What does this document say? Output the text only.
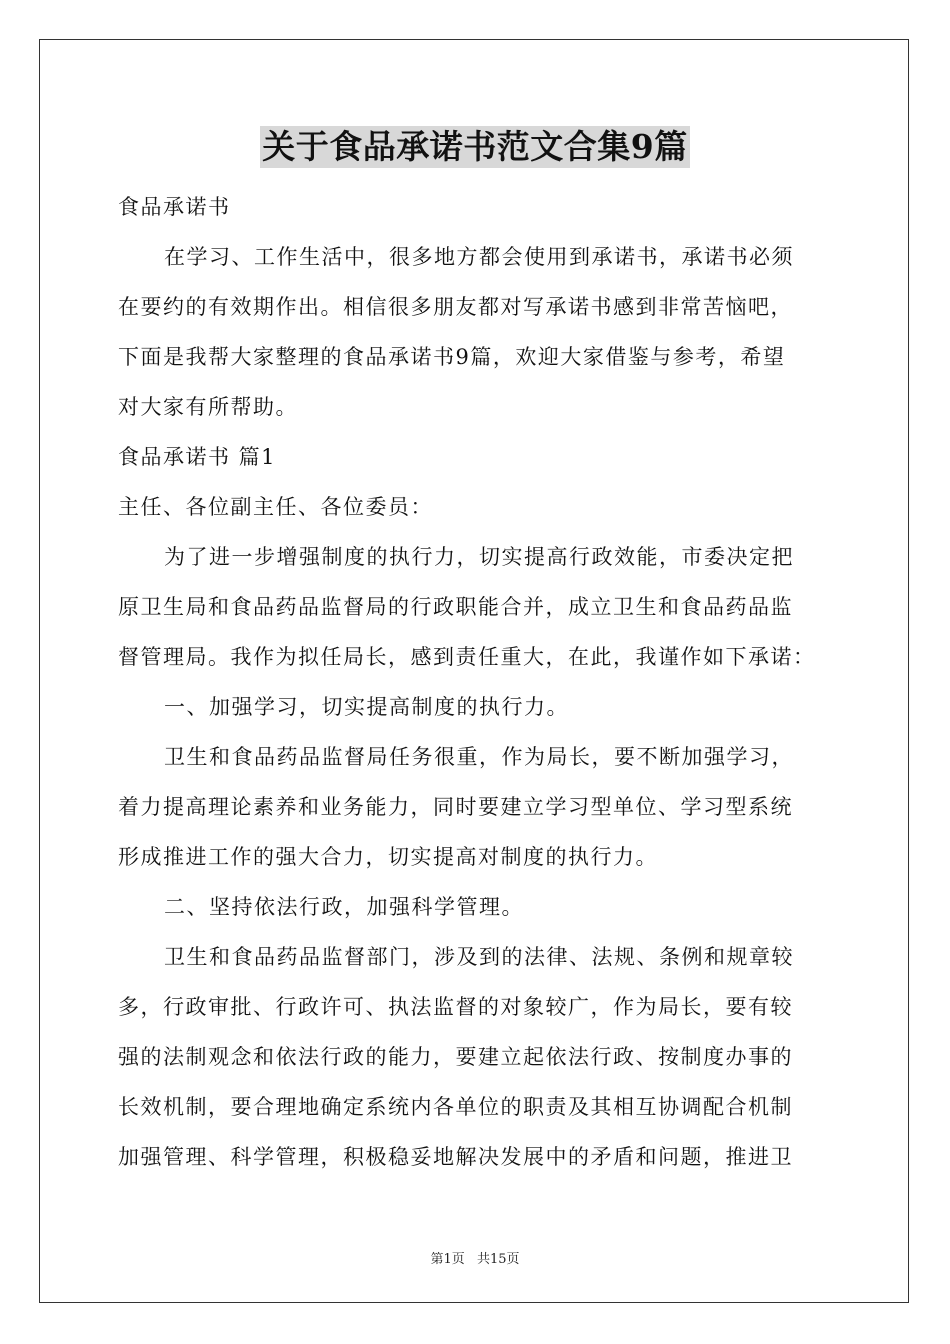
关于食品承诺书范文合集9篇

食品承诺书

在学习、工作生活中，很多地方都会使用到承诺书，承诺书必须

在要约的有效期作出。相信很多朋友都对写承诺书感到非常苦恼吧，

下面是我帮大家整理的食品承诺书9篇，欢迎大家借鉴与参考，希望

对大家有所帮助。

食品承诺书 篇1

主任、各位副主任、各位委员：

为了进一步增强制度的执行力，切实提高行政效能，市委决定把

原卫生局和食品药品监督局的行政职能合并，成立卫生和食品药品监

督管理局。我作为拟任局长，感到责任重大，在此，我谨作如下承诺：

一、加强学习，切实提高制度的执行力。

卫生和食品药品监督局任务很重，作为局长，要不断加强学习，

着力提高理论素养和业务能力，同时要建立学习型单位、学习型系统

形成推进工作的强大合力，切实提高对制度的执行力。

二、坚持依法行政，加强科学管理。

卫生和食品药品监督部门，涉及到的法律、法规、条例和规章较

多，行政审批、行政许可、执法监督的对象较广，作为局长，要有较

强的法制观念和依法行政的能力，要建立起依法行政、按制度办事的

长效机制，要合理地确定系统内各单位的职责及其相互协调配合机制

加强管理、科学管理，积极稳妥地解决发展中的矛盾和问题，推进卫

第1页 共15页
